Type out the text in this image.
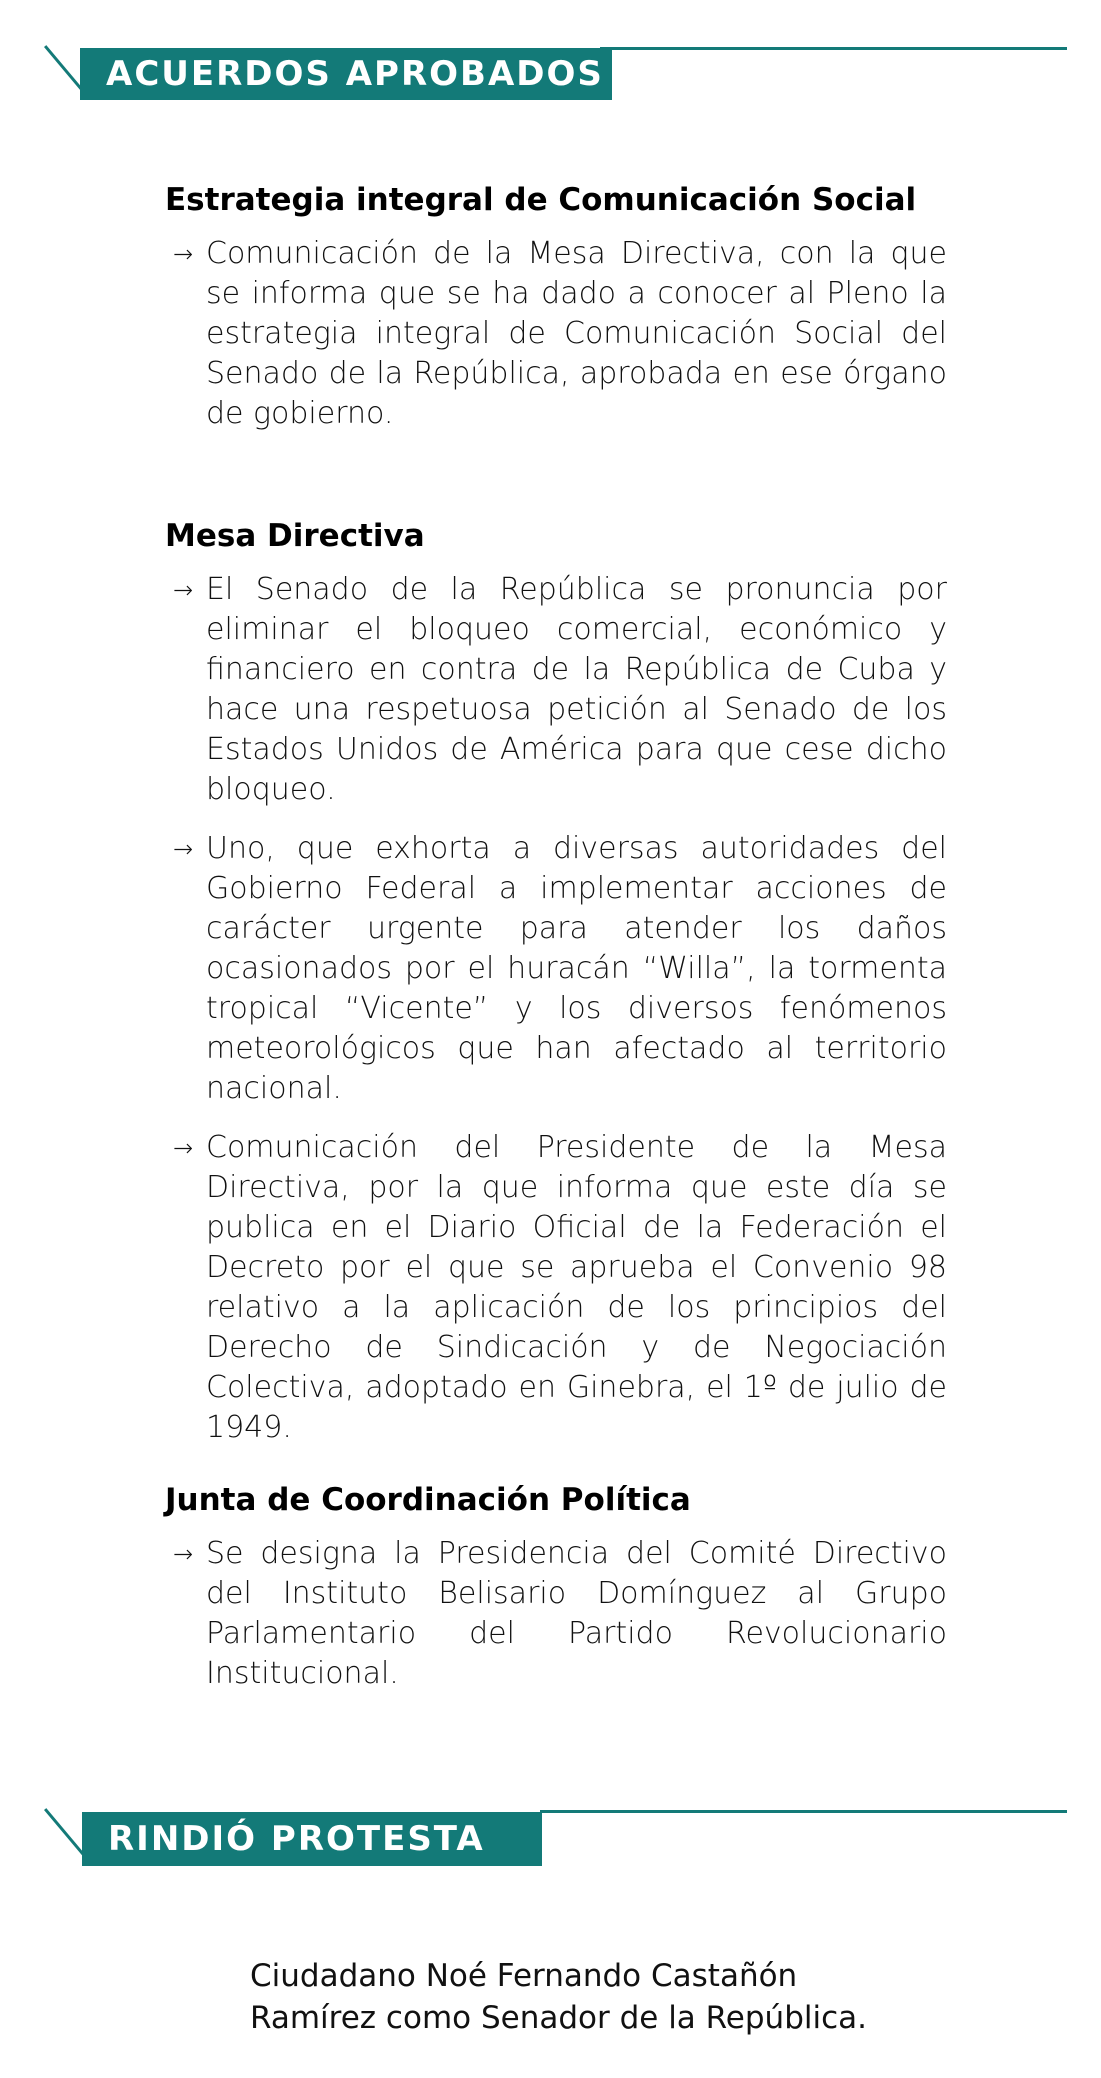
ACUERDOS APROBADOS
Estrategia integral de Comunicación Social
→ Comunicación de la Mesa Directiva, con la que se informa que se ha dado a conocer al Pleno la estrategia integral de Comunicación Social del Senado de la República, aprobada en ese órgano de gobierno.
Mesa Directiva
→ El Senado de la República se pronuncia por eliminar el bloqueo comercial, económico y financiero en contra de la República de Cuba y hace una respetuosa petición al Senado de los Estados Unidos de América para que cese dicho bloqueo.
→ Uno, que exhorta a diversas autoridades del Gobierno Federal a implementar acciones de carácter urgente para atender los daños ocasionados por el huracán “Willa”, la tormenta tropical “Vicente” y los diversos fenómenos meteorológicos que han afectado al territorio nacional.
→ Comunicación del Presidente de la Mesa Directiva, por la que informa que este día se publica en el Diario Oficial de la Federación el Decreto por el que se aprueba el Convenio 98 relativo a la aplicación de los principios del Derecho de Sindicación y de Negociación Colectiva, adoptado en Ginebra, el 1º de julio de 1949.
Junta de Coordinación Política
→ Se designa la Presidencia del Comité Directivo del Instituto Belisario Domínguez al Grupo Parlamentario del Partido Revolucionario Institucional.
RINDIÓ PROTESTA
Ciudadano Noé Fernando Castañón
Ramírez como Senador de la República.
